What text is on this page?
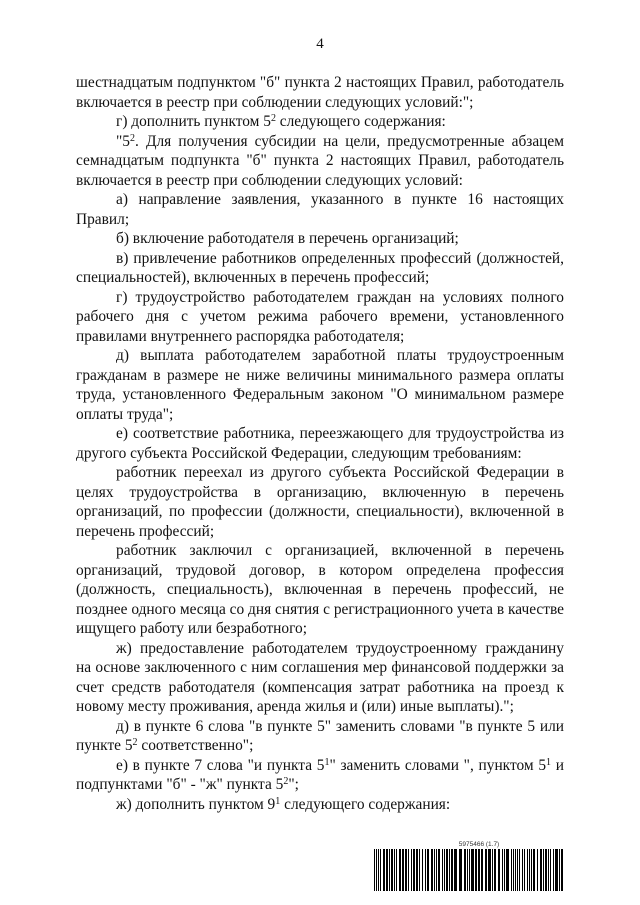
4

шестнадцатым подпунктом "б" пункта 2 настоящих Правил, работодатель включается в реестр при соблюдении следующих условий:";

г) дополнить пунктом $5^2$ следующего содержания:

"$5^2$. Для получения субсидии на цели, предусмотренные абзацем семнадцатым подпункта "б" пункта 2 настоящих Правил, работодатель включается в реестр при соблюдении следующих условий:

а) направление заявления, указанного в пункте 16 настоящих Правил;

б) включение работодателя в перечень организаций;

в) привлечение работников определенных профессий (должностей, специальностей), включенных в перечень профессий;

г) трудоустройство работодателем граждан на условиях полного рабочего дня с учетом режима рабочего времени, установленного правилами внутреннего распорядка работодателя;

д) выплата работодателем заработной платы трудоустроенным гражданам в размере не ниже величины минимального размера оплаты труда, установленного Федеральным законом "О минимальном размере оплаты труда";

е) соответствие работника, переезжающего для трудоустройства из другого субъекта Российской Федерации, следующим требованиям:

работник переехал из другого субъекта Российской Федерации в целях трудоустройства в организацию, включенную в перечень организаций, по профессии (должности, специальности), включенной в перечень профессий;

работник заключил с организацией, включенной в перечень организаций, трудовой договор, в котором определена профессия (должность, специальность), включенная в перечень профессий, не позднее одного месяца со дня снятия с регистрационного учета в качестве ищущего работу или безработного;

ж) предоставление работодателем трудоустроенному гражданину на основе заключенного с ним соглашения мер финансовой поддержки за счет средств работодателя (компенсация затрат работника на проезд к новому месту проживания, аренда жилья и (или) иные выплаты).";

д) в пункте 6 слова "в пункте 5" заменить словами "в пункте 5 или пункте $5^2$ соответственно";

е) в пункте 7 слова "и пункта $5^1$" заменить словами ", пунктом $5^1$ и подпунктами "б" - "ж" пункта $5^2$";

ж) дополнить пунктом $9^1$ следующего содержания:

5975466 (1.7)
